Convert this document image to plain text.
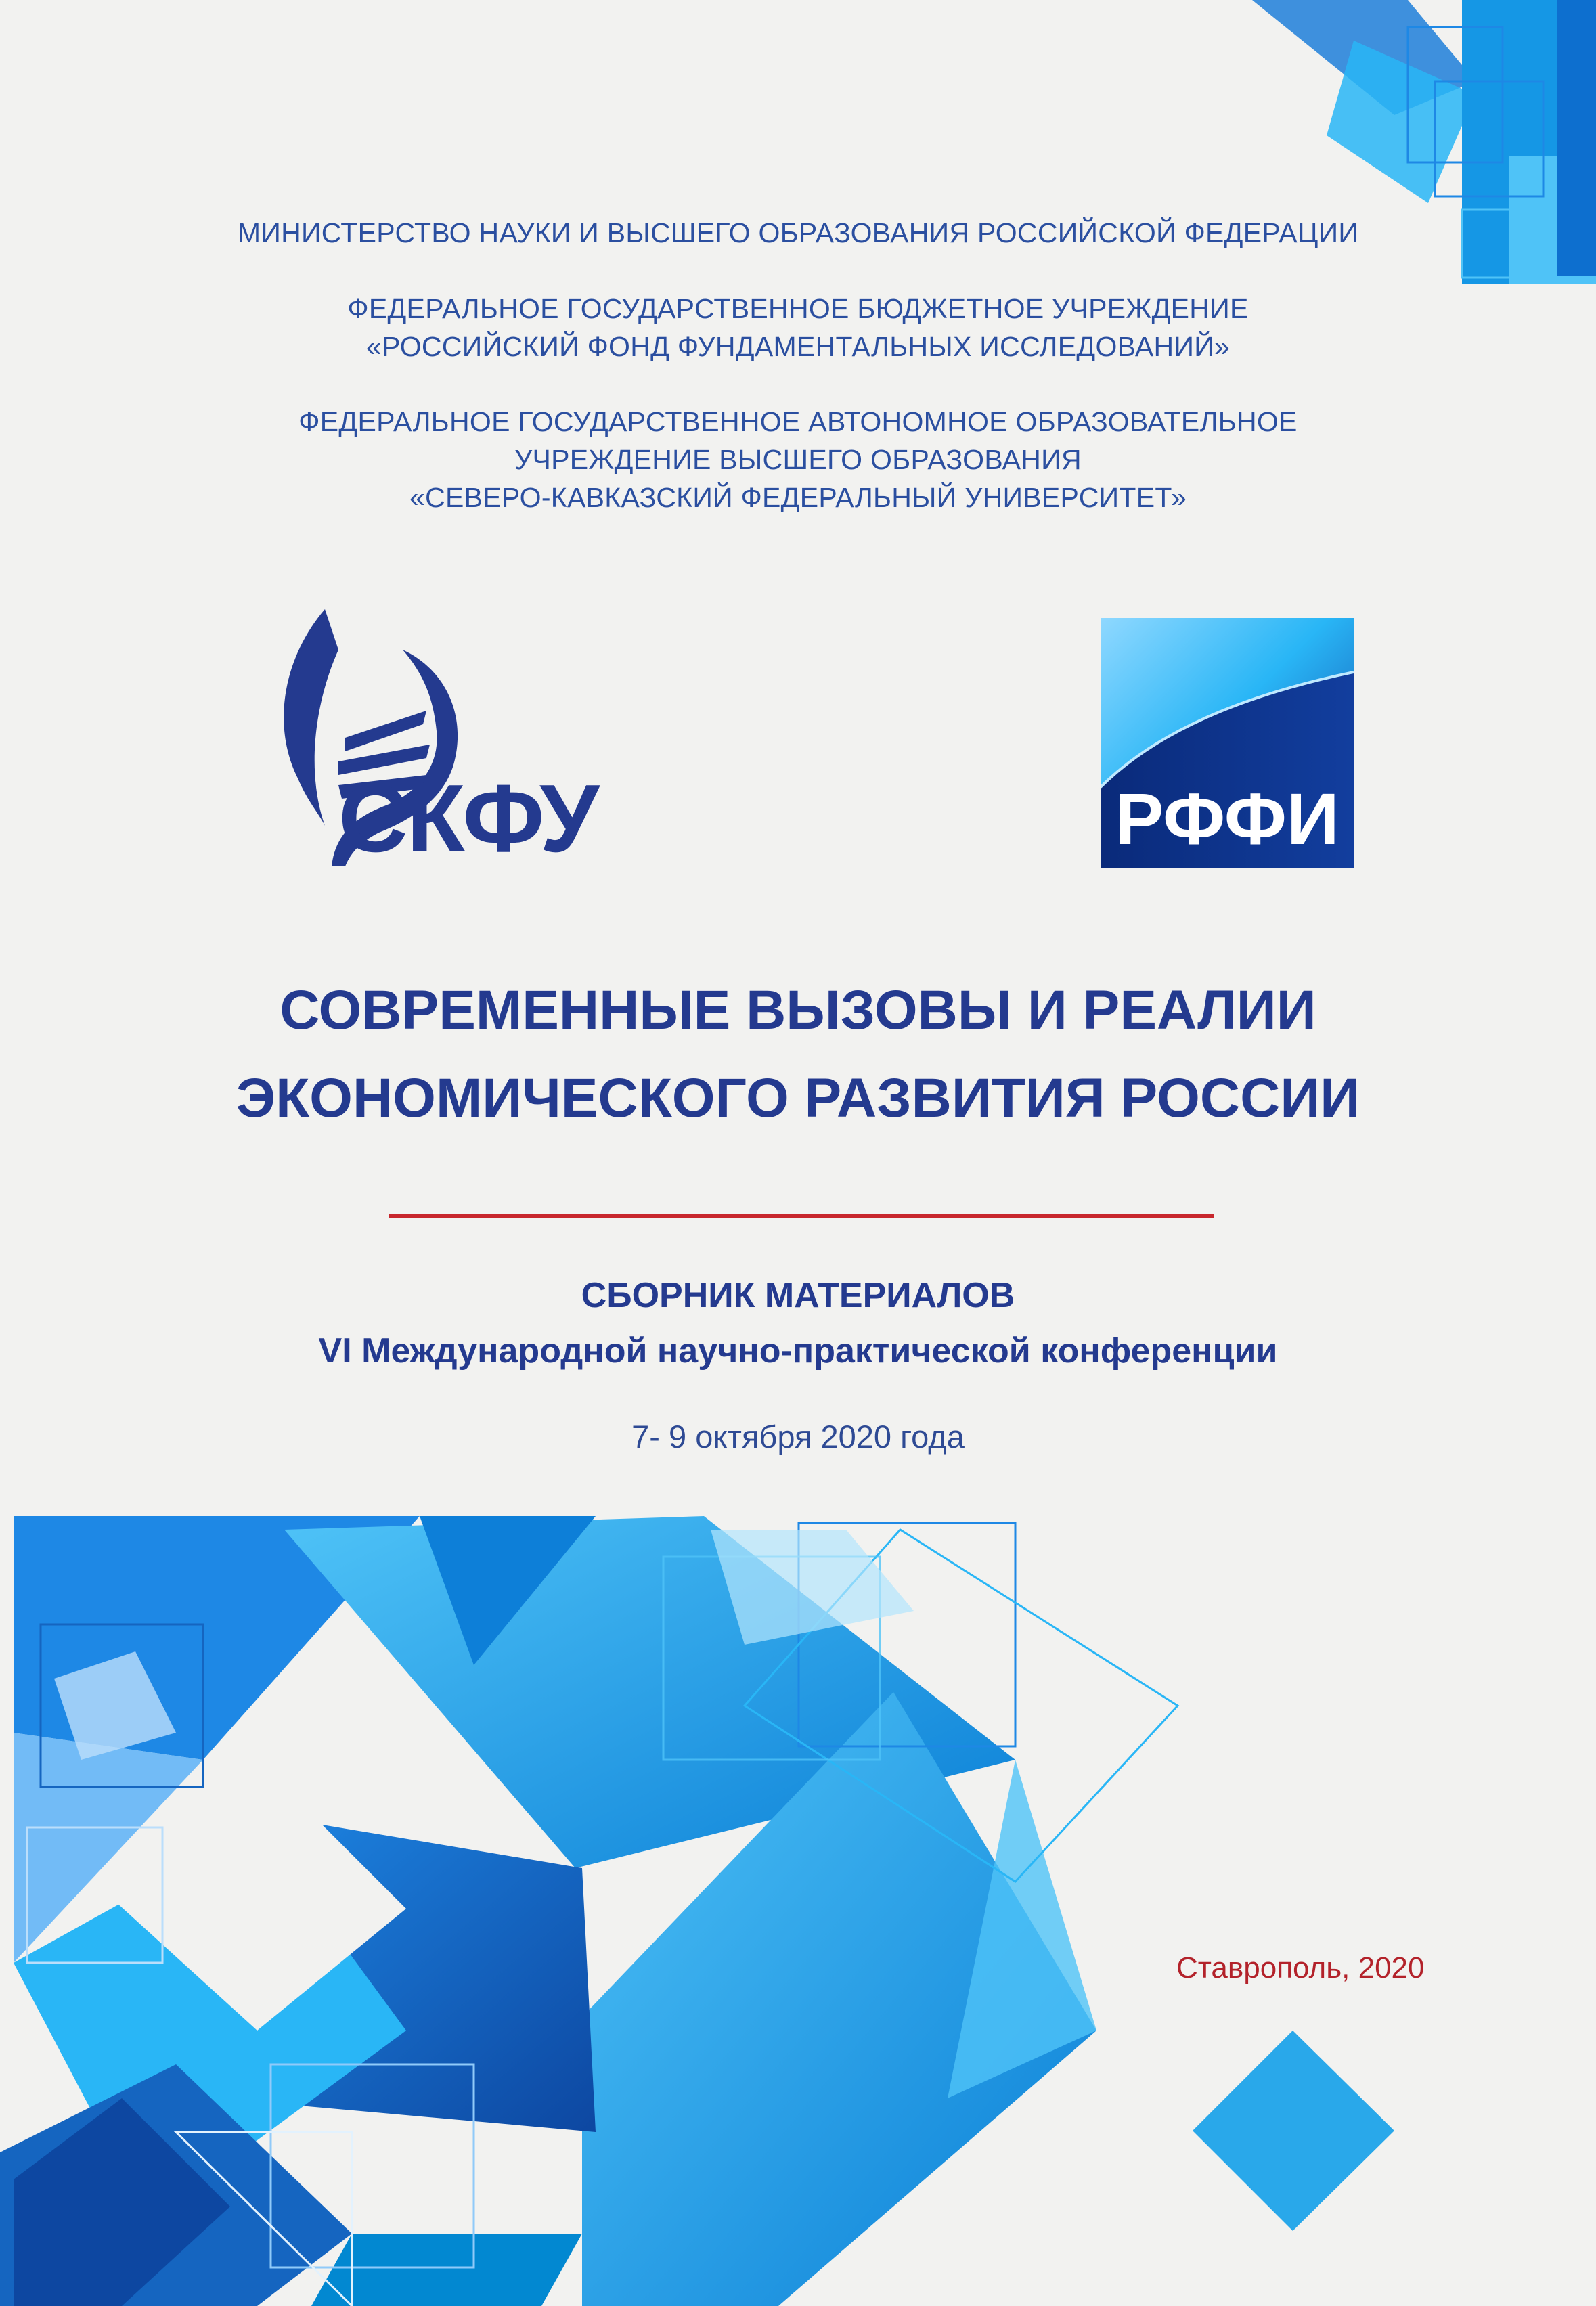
МИНИСТЕРСТВО НАУКИ И ВЫСШЕГО ОБРАЗОВАНИЯ РОССИЙСКОЙ ФЕДЕРАЦИИ
ФЕДЕРАЛЬНОЕ ГОСУДАРСТВЕННОЕ БЮДЖЕТНОЕ УЧРЕЖДЕНИЕ
«РОССИЙСКИЙ ФОНД ФУНДАМЕНТАЛЬНЫХ ИССЛЕДОВАНИЙ»
ФЕДЕРАЛЬНОЕ ГОСУДАРСТВЕННОЕ АВТОНОМНОЕ ОБРАЗОВАТЕЛЬНОЕ
УЧРЕЖДЕНИЕ ВЫСШЕГО ОБРАЗОВАНИЯ
«СЕВЕРО-КАВКАЗСКИЙ ФЕДЕРАЛЬНЫЙ УНИВЕРСИТЕТ»
СКФУ	РФФИ
СОВРЕМЕННЫЕ ВЫЗОВЫ И РЕАЛИИ
ЭКОНОМИЧЕСКОГО РАЗВИТИЯ РОССИИ
СБОРНИК МАТЕРИАЛОВ
VI Международной научно-практической конференции
7- 9 октября 2020 года
Ставрополь, 2020
